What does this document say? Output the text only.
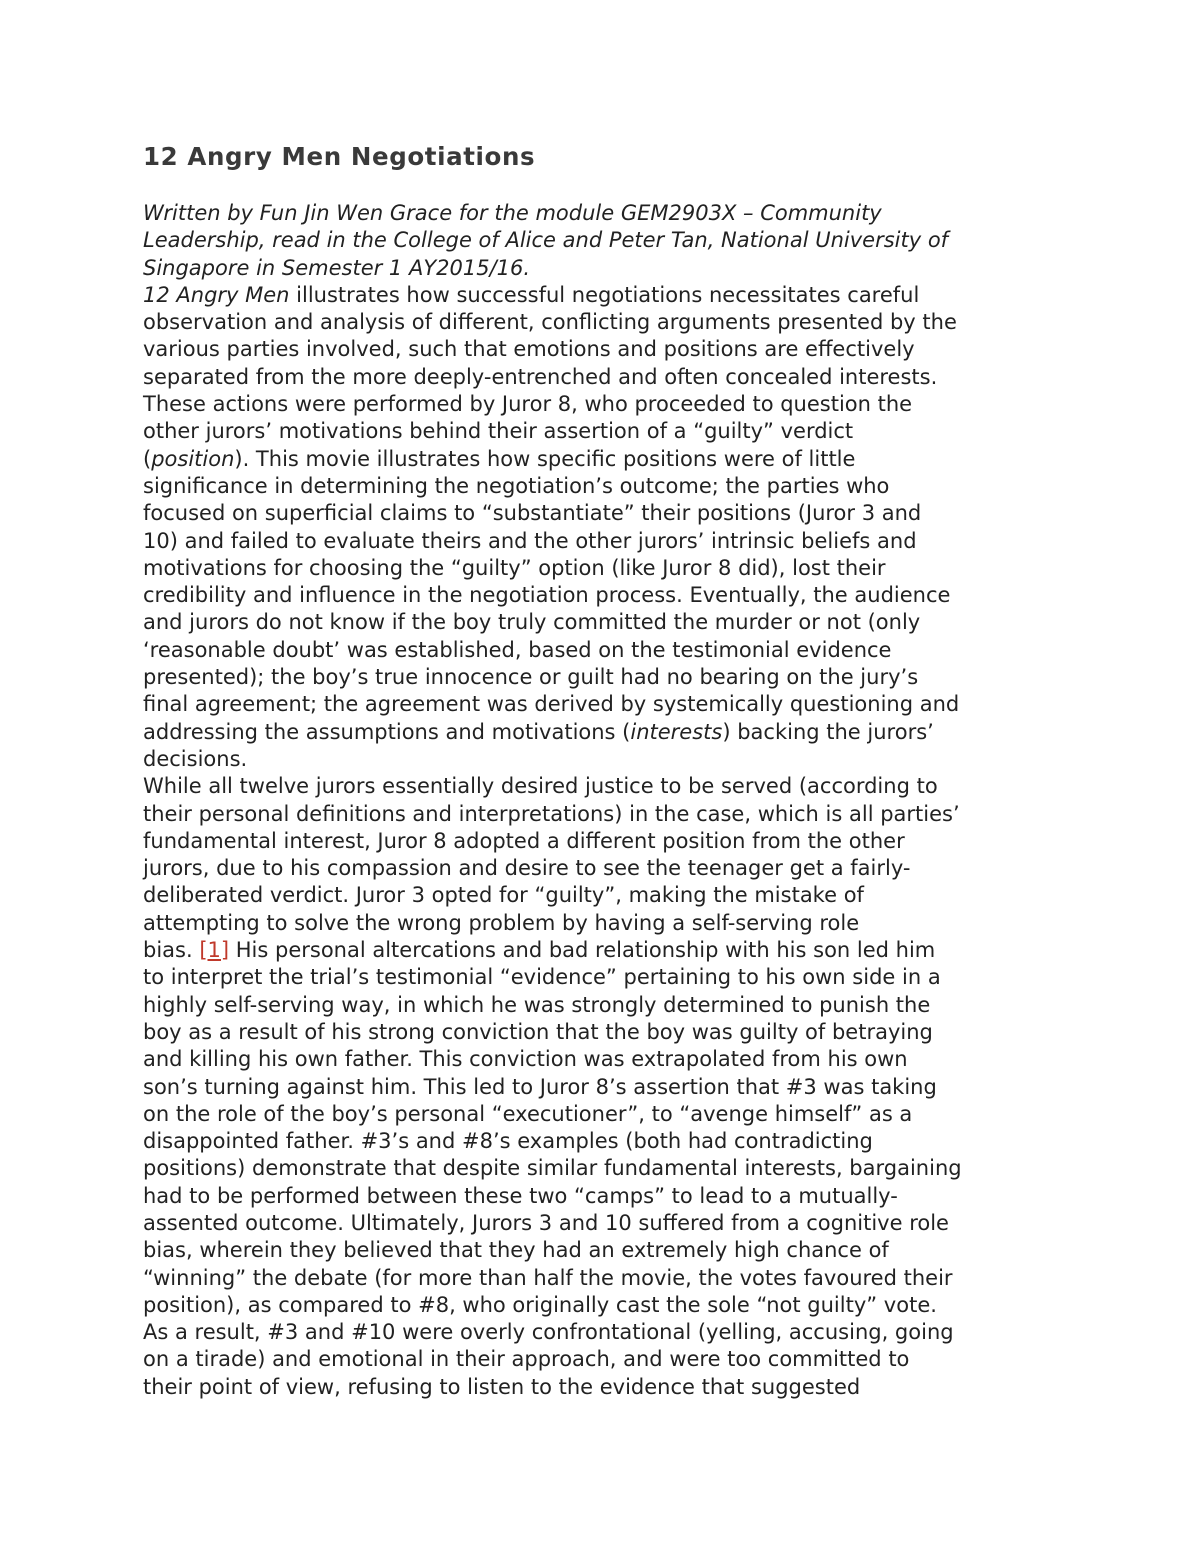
12 Angry Men Negotiations
Written by Fun Jin Wen Grace for the module GEM2903X – Community
Leadership, read in the College of Alice and Peter Tan, National University of
Singapore in Semester 1 AY2015/16.

12 Angry Men illustrates how successful negotiations necessitates careful
observation and analysis of different, conflicting arguments presented by the
various parties involved, such that emotions and positions are effectively
separated from the more deeply-entrenched and often concealed interests.
These actions were performed by Juror 8, who proceeded to question the
other jurors’ motivations behind their assertion of a “guilty” verdict
(position). This movie illustrates how specific positions were of little
significance in determining the negotiation’s outcome; the parties who
focused on superficial claims to “substantiate” their positions (Juror 3 and
10) and failed to evaluate theirs and the other jurors’ intrinsic beliefs and
motivations for choosing the “guilty” option (like Juror 8 did), lost their
credibility and influence in the negotiation process. Eventually, the audience
and jurors do not know if the boy truly committed the murder or not (only
‘reasonable doubt’ was established, based on the testimonial evidence
presented); the boy’s true innocence or guilt had no bearing on the jury’s
final agreement; the agreement was derived by systemically questioning and
addressing the assumptions and motivations (interests) backing the jurors’
decisions.

While all twelve jurors essentially desired justice to be served (according to
their personal definitions and interpretations) in the case, which is all parties’
fundamental interest, Juror 8 adopted a different position from the other
jurors, due to his compassion and desire to see the teenager get a fairly-
deliberated verdict. Juror 3 opted for “guilty”, making the mistake of
attempting to solve the wrong problem by having a self-serving role
bias. [1] His personal altercations and bad relationship with his son led him
to interpret the trial’s testimonial “evidence” pertaining to his own side in a
highly self-serving way, in which he was strongly determined to punish the
boy as a result of his strong conviction that the boy was guilty of betraying
and killing his own father. This conviction was extrapolated from his own
son’s turning against him. This led to Juror 8’s assertion that #3 was taking
on the role of the boy’s personal “executioner”, to “avenge himself” as a
disappointed father. #3’s and #8’s examples (both had contradicting
positions) demonstrate that despite similar fundamental interests, bargaining
had to be performed between these two “camps” to lead to a mutually-
assented outcome. Ultimately, Jurors 3 and 10 suffered from a cognitive role
bias, wherein they believed that they had an extremely high chance of
“winning” the debate (for more than half the movie, the votes favoured their
position), as compared to #8, who originally cast the sole “not guilty” vote.
As a result, #3 and #10 were overly confrontational (yelling, accusing, going
on a tirade) and emotional in their approach, and were too committed to
their point of view, refusing to listen to the evidence that suggested
